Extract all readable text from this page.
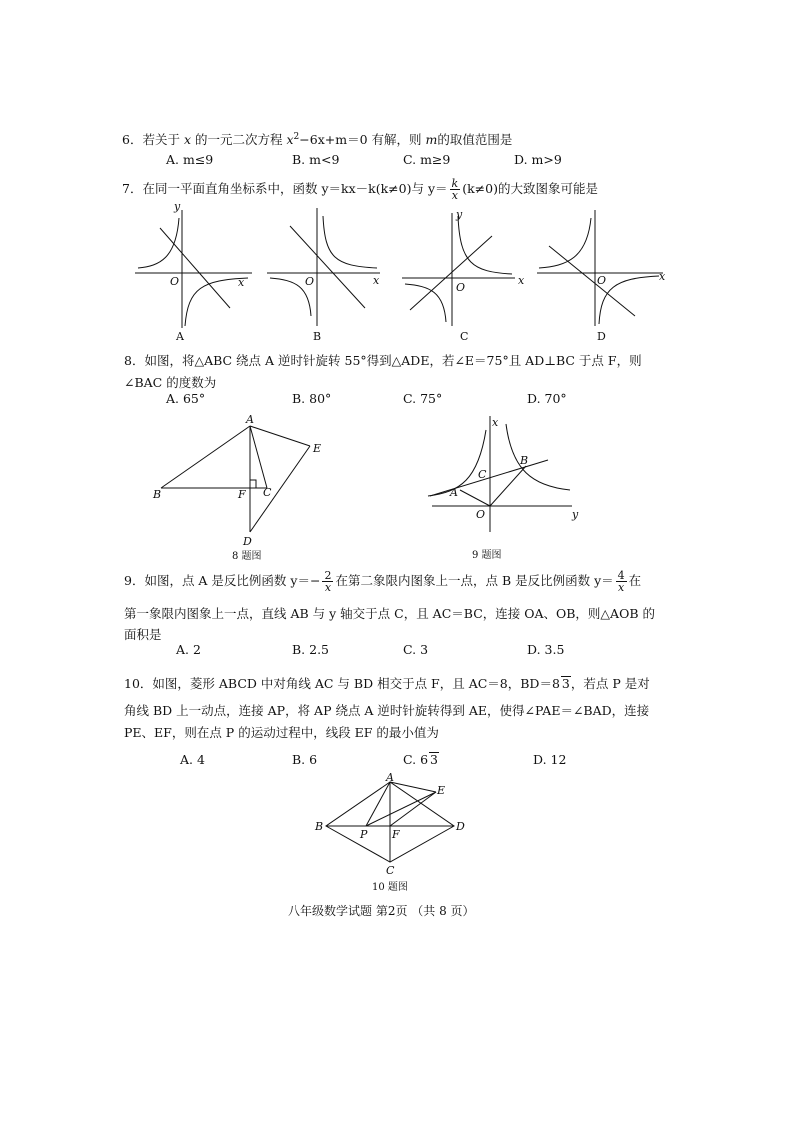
6．若关于 x 的一元二次方程 $x^2-6x+m=0$ 有解，则 m的取值范围是
A. m≤9	B. m<9	C. m≥9	D. m>9
7．在同一平面直角坐标系中，函数 y＝kx－k(k≠0)与 $y= \frac{k}{x} (k\ne 0)$的大致图象可能是
y
O	x
A
O	x
B
y
O
x
C
O	x
D
8．如图，将△ABC 绕点 A 逆时针旋转 55°得到△ADE，若∠E＝75°且 AD⊥BC 于点 F，则
∠BAC 的度数为
A. 65°	B. 80°	C. 75°	D. 70°
A
E
B	F C
D
8 题图
x
C
B
A
O	y
9 题图
9．如图，点 A 是反比例函数 $y=- \frac{2}{x}$ 在第二象限内图象上一点，点 B 是反比例函数 $y= \frac{4}{x}$ 在
第一象限内图象上一点，直线 AB 与 y 轴交于点 C，且 AC＝BC，连接 OA、OB，则△AOB 的
面积是
A. 2	B. 2.5	C. 3	D. 3.5
10．如图，菱形 ABCD 中对角线 AC 与 BD 相交于点 F，且 AC＝8，BD＝8 3，若点 P 是对
角线 BD 上一动点，连接 AP，将 AP 绕点 A 逆时针旋转得到 AE，使得∠PAE＝∠BAD，连接
PE、EF，则在点 P 的运动过程中，线段 EF 的最小值为
A. 4	B. 6	C. 6 3	D. 12
A
E
B
P F
D
C
10 题图
八年级数学试题 第2页 （共 8 页）
